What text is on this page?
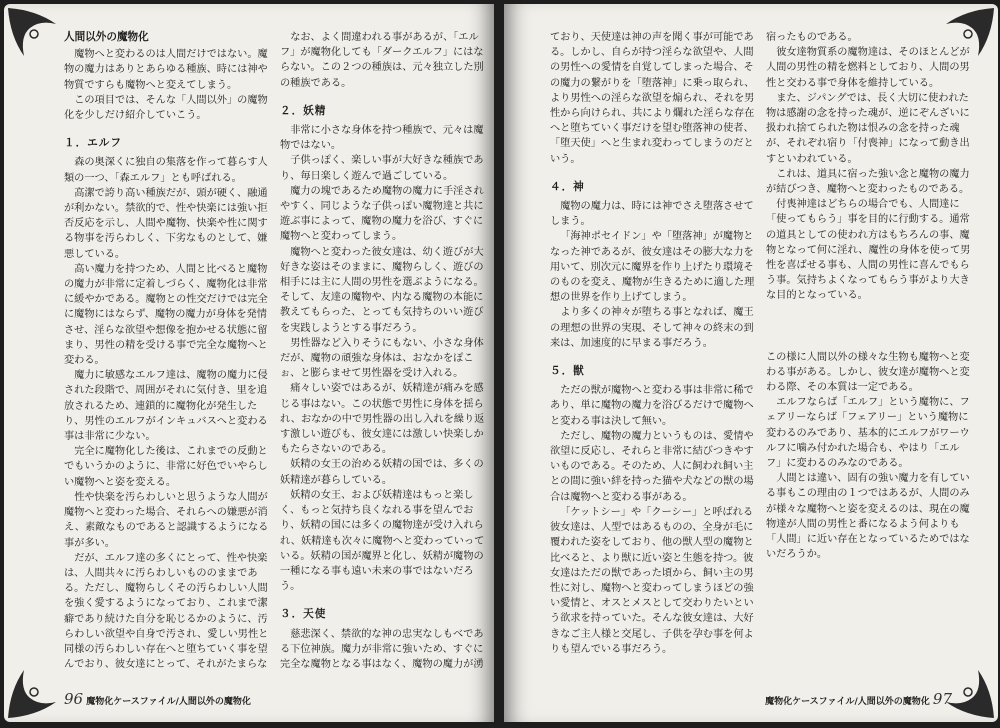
人間以外の魔物化

魔物へと変わるのは人間だけではない。魔物の魔力はありとあらゆる種族、時には神や物質ですらも魔物へと変えてしまう。

この項目では、そんな「人間以外」の魔物化を少しだけ紹介していこう。

１．エルフ

森の奥深くに独自の集落を作って暮らす人類の一つ、「森エルフ」とも呼ばれる。

高潔で誇り高い種族だが、頭が硬く、融通が利かない。禁欲的で、性や快楽には強い拒否反応を示し、人間や魔物、快楽や性に関する物事を汚らわしく、下劣なものとして、嫌悪している。

高い魔力を持つため、人間と比べると魔物の魔力が非常に定着しづらく、魔物化は非常に緩やかである。魔物との性交だけでは完全に魔物にはならず、魔物の魔力が身体を発情させ、淫らな欲望や想像を抱かせる状態に留まり、男性の精を受ける事で完全な魔物へと変わる。

魔力に敏感なエルフ達は、魔物の魔力に侵された段階で、周囲がそれに気付き、里を追放されるため、連鎖的に魔物化が発生したり、男性のエルフがインキュバスへと変わる事は非常に少ない。

完全に魔物化した後は、これまでの反動とでもいうかのように、非常に好色でいやらしい魔物へと姿を変える。

性や快楽を汚らわしいと思うような人間が魔物へと変わった場合、それらへの嫌悪が消え、素敵なものであると認識するようになる事が多い。

だが、エルフ達の多くにとって、性や快楽は、人間共々に汚らわしいもののままである。ただし、魔物らしくその汚らわしい人間を強く愛するようになっており、これまで潔癖であり続けた自分を恥じるかのように、汚らわしい欲望や自身で汚され、愛しい男性と同様の汚らわしい存在へと堕ちていく事を望んでおり、彼女達にとって、それがたまらな

なお、よく間違われる事があるが、「エルフ」が魔物化しても「ダークエルフ」にはならない。この２つの種族は、元々独立した別の種族である。

２．妖精

非常に小さな身体を持つ種族で、元々は魔物ではない。

子供っぽく、楽しい事が大好きな種族であり、毎日楽しく遊んで過ごしている。

魔力の塊であるため魔物の魔力に手淫されやすく、同じような子供っぽい魔物達と共に遊ぶ事によって、魔物の魔力を浴び、すぐに魔物へと変わってしまう。

魔物へと変わった彼女達は、幼く遊びが大好きな姿はそのままに、魔物らしく、遊びの相手には主に人間の男性を選ぶようになる。そして、友達の魔物や、内なる魔物の本能に教えてもらった、とっても気持ちのいい遊びを実践しようとする事だろう。

男性器など入りそうにもない、小さな身体だが、魔物の頑強な身体は、おなかをぽこぉ、と膨らませて男性器を受け入れる。

痛々しい姿ではあるが、妖精達が痛みを感じる事はない。この状態で男性に身体を揺られ、おなかの中で男性器の出し入れを繰り返す激しい遊びも、彼女達には激しい快楽しかもたらさないのである。

妖精の女王の治める妖精の国では、多くの妖精達が暮らしている。

妖精の女王、および妖精達はもっと楽しく、もっと気持ち良くなれる事を望んでおり、妖精の国には多くの魔物達が受け入れられ、妖精達も次々に魔物へと変わっていっている。妖精の国が魔界と化し、妖精が魔物の一種になる事も遠い未来の事ではないだろう。

３．天使

慈悲深く、禁欲的な神の忠実なしもべである下位神族。魔力が非常に強いため、すぐに完全な魔物となる事はなく、魔物の魔力が湧

96 魔物化ケースファイル/人間以外の魔物化

ており、天使達は神の声を聞く事が可能である。しかし、自らが持つ淫らな欲望や、人間の男性への愛情を自覚してしまった場合、その魔力の繋がりを「堕落神」に乗っ取られ、より男性への淫らな欲望を煽られ、それを男性から向けられ、共により爛れた淫らな存在へと堕ちていく事だけを望む堕落神の使者、「堕天使」へと生まれ変わってしまうのだという。

４．神

魔物の魔力は、時には神でさえ堕落させてしまう。

「海神ポセイドン」や「堕落神」が魔物となった神であるが、彼女達はその膨大な力を用いて、別次元に魔界を作り上げたり環境そのものを変え、魔物が生きるために適した理想の世界を作り上げてしまう。

より多くの神々が堕ちる事となれば、魔王の理想の世界の実現、そして神々の終末の到来は、加速度的に早まる事だろう。

５．獣

ただの獣が魔物へと変わる事は非常に稀であり、単に魔物の魔力を浴びるだけで魔物へと変わる事は決して無い。

ただし、魔物の魔力というものは、愛情や欲望に反応し、それらと非常に結びつきやすいものである。そのため、人に飼われ飼い主との間に強い絆を持った猫や犬などの獣の場合は魔物へと変わる事がある。

「ケットシー」や「クーシー」と呼ばれる彼女達は、人型ではあるものの、全身が毛に覆われた姿をしており、他の獣人型の魔物と比べると、より獣に近い姿と生態を持つ。彼女達はただの獣であった頃から、飼い主の男性に対し、魔物へと変わってしまうほどの強い愛情と、オスとメスとして交わりたいという欲求を持っていた。そんな彼女達は、大好きなご主人様と交尾し、子供を孕む事を何よりも望んでいる事だろう。

宿ったものである。

彼女達物質系の魔物達は、そのほとんどが人間の男性の精を燃料としており、人間の男性と交わる事で身体を維持している。

また、ジパングでは、長く大切に使われた物は感謝の念を持った魂が、逆にぞんざいに扱われ捨てられた物は恨みの念を持った魂が、それぞれ宿り「付喪神」になって動き出すといわれている。

これは、道具に宿った強い念と魔物の魔力が結びつき、魔物へと変わったものである。

付喪神達はどちらの場合でも、人間達に「使ってもらう」事を目的に行動する。通常の道具としての使われ方はもちろんの事、魔物となって何に淫れ、魔性の身体を使って男性を喜ばせる事も、人間の男性に喜んでもらう事。気持ちよくなってもらう事がより大きな目的となっている。

この様に人間以外の様々な生物も魔物へと変わる事がある。しかし、彼女達が魔物へと変わる際、その本質は一定である。

エルフならば「エルフ」という魔物に、フェアリーならば「フェアリー」という魔物に変わるのみであり、基本的にエルフがワーウルフに噛み付かれた場合も、やはり「エルフ」に変わるのみなのである。

人間とは違い、固有の強い魔力を有している事もこの理由の１つではあるが、人間のみが様々な魔物へと姿を変えるのは、現在の魔物達が人間の男性と番になるよう何よりも「人間」に近い存在となっているためではないだろうか。

魔物化ケースファイル/人間以外の魔物化 97
